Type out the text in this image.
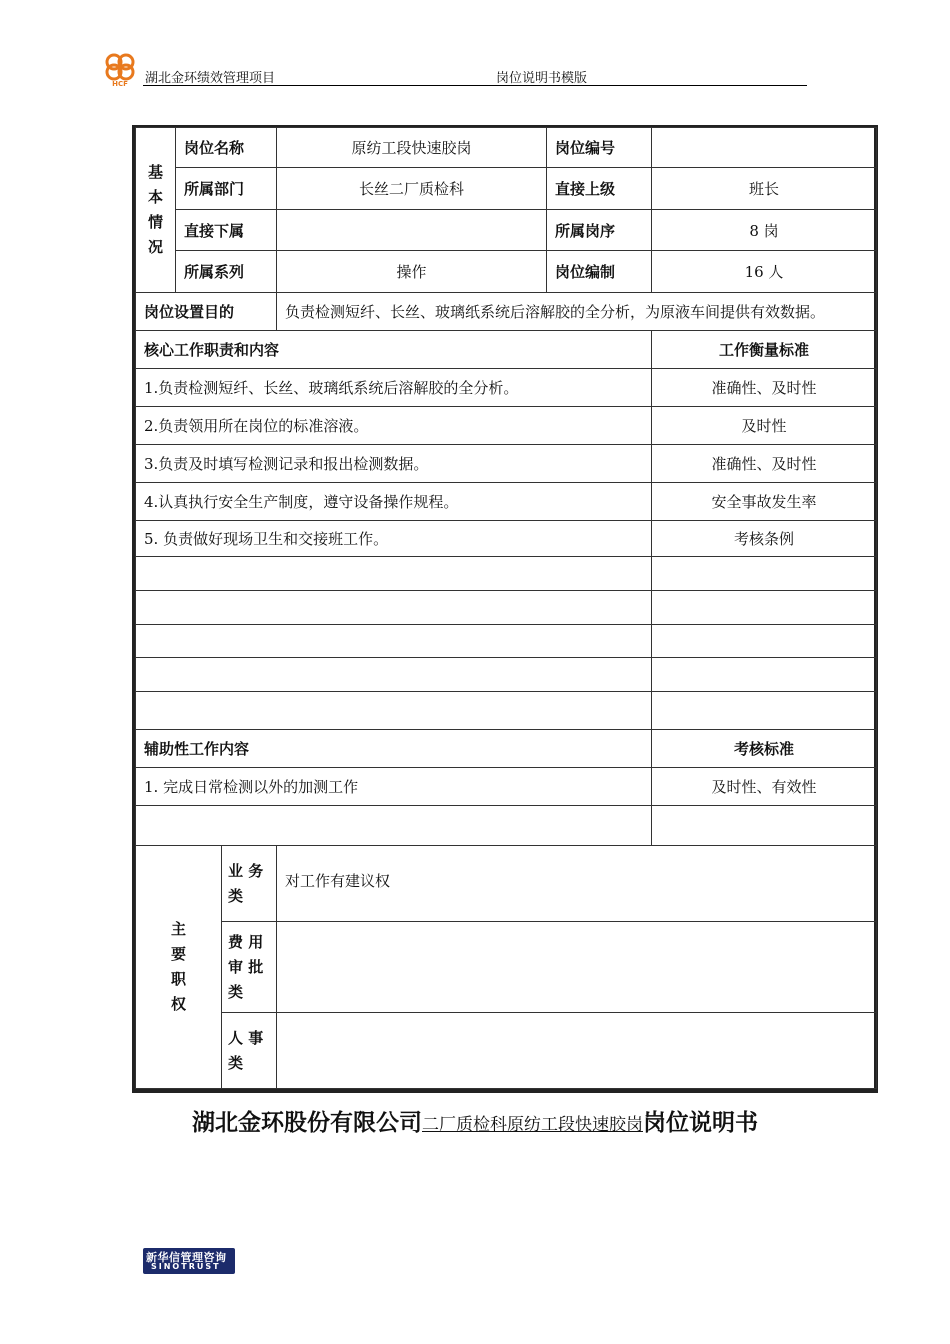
HCF 湖北金环绩效管理项目	岗位说明书模版
基本情况	岗位名称		原纺工段快速胶岗	岗位编号	
	所属部门		长丝二厂质检科	直接上级	班长
	直接下属			所属岗序	8 岗
	所属系列		操作	岗位编制	16 人
岗位设置目的			负责检测短纤、长丝、玻璃纸系统后溶解胶的全分析，为原液车间提供有效数据。		
核心工作职责和内容					工作衡量标准
1.负责检测短纤、长丝、玻璃纸系统后溶解胶的全分析。					准确性、及时性
2.负责领用所在岗位的标准溶液。					及时性
3.负责及时填写检测记录和报出检测数据。					准确性、及时性
4.认真执行安全生产制度，遵守设备操作规程。					安全事故发生率
5. 负责做好现场卫生和交接班工作。					考核条例

辅助性工作内容					考核标准
1. 完成日常检测以外的加测工作					及时性、有效性

主要职权		业 务 类	对工作有建议权		
		费 用 审 批 类			
		人 事 类			
湖北金环股份有限公司二厂质检科原纺工段快速胶岗岗位说明书
新华信管理咨询
SINOTRUST
